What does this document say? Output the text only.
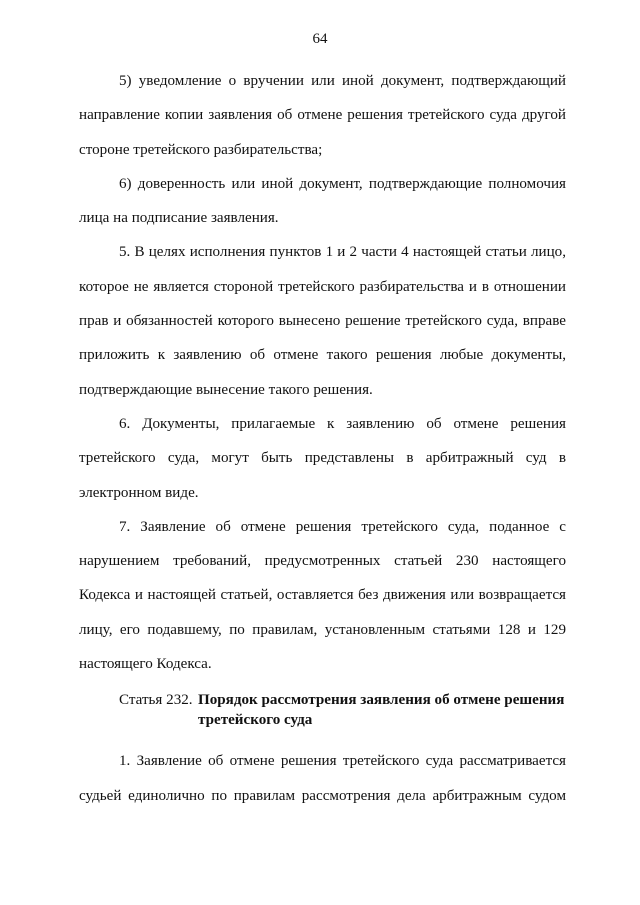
64

5) уведомление о вручении или иной документ, подтверждающий
направление копии заявления об отмене решения третейского суда другой
стороне третейского разбирательства;

6) доверенность или иной документ, подтверждающие полномочия
лица на подписание заявления.

5. В целях исполнения пунктов 1 и 2 части 4 настоящей статьи лицо,
которое не является стороной третейского разбирательства и в отношении
прав и обязанностей которого вынесено решение третейского суда, вправе
приложить к заявлению об отмене такого решения любые документы,
подтверждающие вынесение такого решения.

6. Документы, прилагаемые к заявлению об отмене решения
третейского суда, могут быть представлены в арбитражный суд в
электронном виде.

7. Заявление об отмене решения третейского суда, поданное с
нарушением требований, предусмотренных статьей 230 настоящего
Кодекса и настоящей статьей, оставляется без движения или возвращается
лицу, его подавшему, по правилам, установленным статьями 128 и 129
настоящего Кодекса.

Статья 232. Порядок рассмотрения заявления об отмене решения
третейского суда

1. Заявление об отмене решения третейского суда рассматривается
судьей единолично по правилам рассмотрения дела арбитражным судом
